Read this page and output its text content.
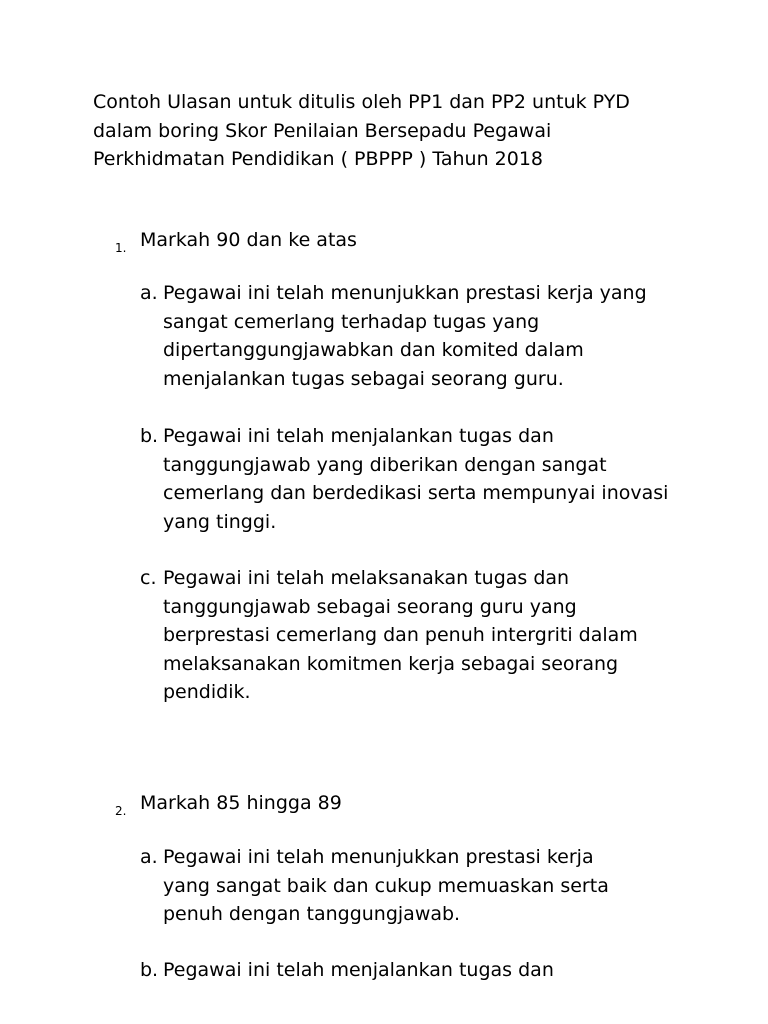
Contoh Ulasan untuk ditulis oleh PP1 dan PP2 untuk PYD
dalam boring Skor Penilaian Bersepadu Pegawai
Perkhidmatan Pendidikan ( PBPPP ) Tahun 2018
1. Markah 90 dan ke atas
a. Pegawai ini telah menunjukkan prestasi kerja yang
sangat cemerlang terhadap tugas yang
dipertanggungjawabkan dan komited dalam
menjalankan tugas sebagai seorang guru.
b. Pegawai ini telah menjalankan tugas dan
tanggungjawab yang diberikan dengan sangat
cemerlang dan berdedikasi serta mempunyai inovasi
yang tinggi.
c. Pegawai ini telah melaksanakan tugas dan
tanggungjawab sebagai seorang guru yang
berprestasi cemerlang dan penuh intergriti dalam
melaksanakan komitmen kerja sebagai seorang
pendidik.
2. Markah 85 hingga 89
a. Pegawai ini telah menunjukkan prestasi kerja
yang sangat baik dan cukup memuaskan serta
penuh dengan tanggungjawab.
b. Pegawai ini telah menjalankan tugas dan
